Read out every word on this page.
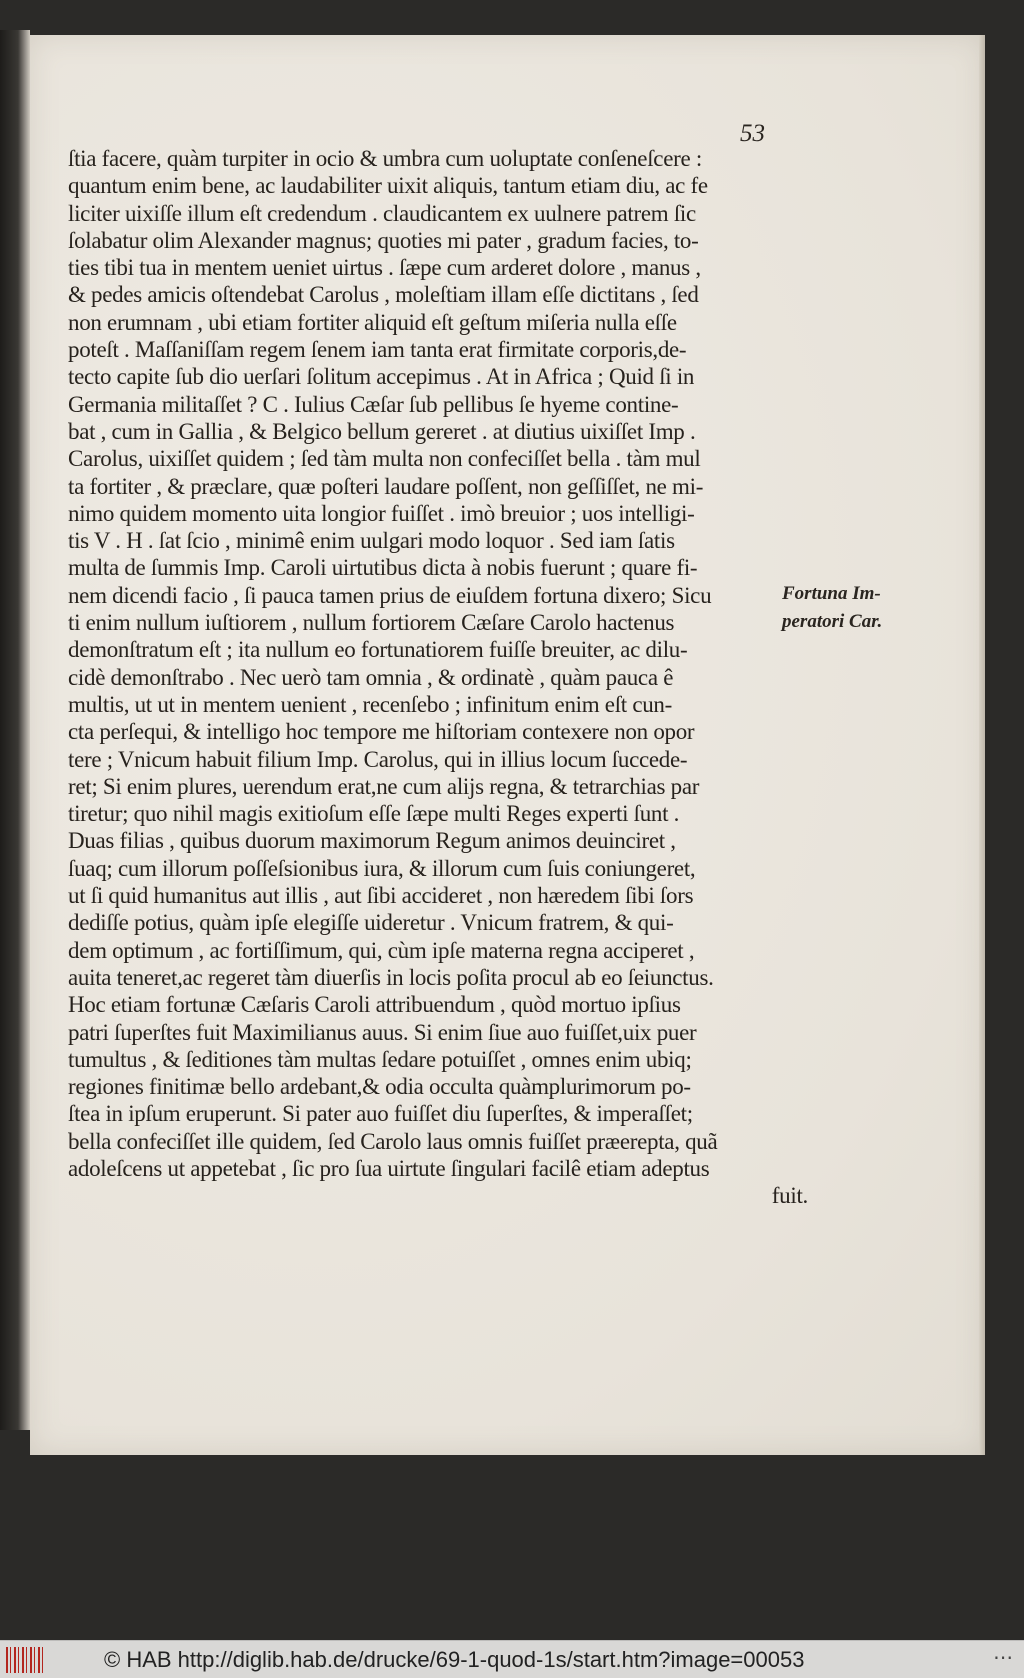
53
ſtia facere, quàm turpiter in ocio & umbra cum uoluptate conſeneſcere :
quantum enim bene, ac laudabiliter uixit aliquis, tantum etiam diu, ac fe
liciter uixiſſe illum eſt credendum . claudicantem ex uulnere patrem ſic
ſolabatur olim Alexander magnus; quoties mi pater , gradum facies, to-
ties tibi tua in mentem ueniet uirtus . ſæpe cum arderet dolore , manus ,
& pedes amicis oſtendebat Carolus , moleſtiam illam eſſe dictitans , ſed
non erumnam , ubi etiam fortiter aliquid eſt geſtum miſeria nulla eſſe
poteſt . Maſſaniſſam regem ſenem iam tanta erat firmitate corporis,de-
tecto capite ſub dio uerſari ſolitum accepimus . At in Africa ; Quid ſi in
Germania militaſſet ? C . Iulius Cæſar ſub pellibus ſe hyeme contine-
bat , cum in Gallia , & Belgico bellum gereret . at diutius uixiſſet Imp .
Carolus, uixiſſet quidem ; ſed tàm multa non confeciſſet bella . tàm mul
ta fortiter , & præclare, quæ poſteri laudare poſſent, non geſſiſſet, ne mi-
nimo quidem momento uita longior fuiſſet . imò breuior ; uos intelligi-
tis V . H . ſat ſcio , minimê enim uulgari modo loquor . Sed iam ſatis
multa de ſummis Imp. Caroli uirtutibus dicta à nobis fuerunt ; quare fi-
nem dicendi facio , ſi pauca tamen prius de eiuſdem fortuna dixero; Sicu
ti enim nullum iuſtiorem , nullum fortiorem Cæſare Carolo hactenus
demonſtratum eſt ; ita nullum eo fortunatiorem fuiſſe breuiter, ac dilu-
cidè demonſtrabo . Nec uerò tam omnia , & ordinatè , quàm pauca ê
multis, ut ut in mentem uenient , recenſebo ; infinitum enim eſt cun-
cta perſequi, & intelligo hoc tempore me hiſtoriam contexere non opor
tere ; Vnicum habuit filium Imp. Carolus, qui in illius locum ſuccede-
ret; Si enim plures, uerendum erat,ne cum alijs regna, & tetrarchias par
tiretur; quo nihil magis exitioſum eſſe ſæpe multi Reges experti ſunt .
Duas filias , quibus duorum maximorum Regum animos deuinciret ,
ſuaq; cum illorum poſſeſsionibus iura, & illorum cum ſuis coniungeret,
ut ſi quid humanitus aut illis , aut ſibi accideret , non hæredem ſibi ſors
dediſſe potius, quàm ipſe elegiſſe uideretur . Vnicum fratrem, & qui-
dem optimum , ac fortiſſimum, qui, cùm ipſe materna regna acciperet ,
auita teneret,ac regeret tàm diuerſis in locis poſita procul ab eo ſeiunctus.
Hoc etiam fortunæ Cæſaris Caroli attribuendum , quòd mortuo ipſius
patri ſuperſtes fuit Maximilianus auus. Si enim ſiue auo fuiſſet,uix puer
tumultus , & ſeditiones tàm multas ſedare potuiſſet , omnes enim ubiq;
regiones finitimæ bello ardebant,& odia occulta quàmplurimorum po-
ſtea in ipſum eruperunt. Si pater auo fuiſſet diu ſuperſtes, & imperaſſet;
bella confeciſſet ille quidem, ſed Carolo laus omnis fuiſſet præerepta, quã
adoleſcens ut appetebat , ſic pro ſua uirtute ſingulari facilê etiam adeptus
fuit.
Fortuna Im-
peratori Car.
© HAB http://diglib.hab.de/drucke/69-1-quod-1s/start.htm?image=00053	⋯
